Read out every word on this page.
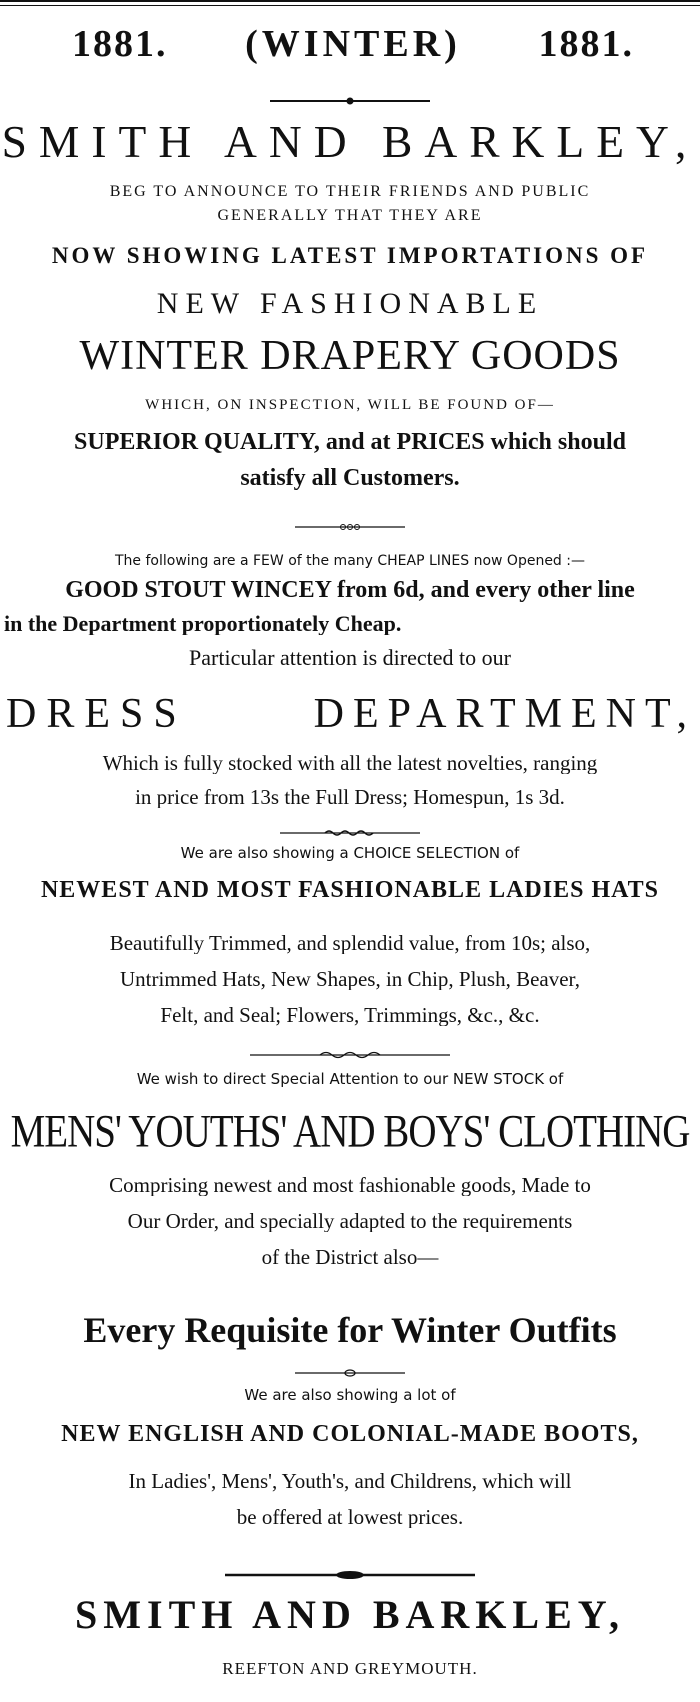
1881. (WINTER) 1881.
SMITH AND BARKLEY,
BEG TO ANNOUNCE TO THEIR FRIENDS AND PUBLIC
GENERALLY THAT THEY ARE
NOW SHOWING LATEST IMPORTATIONS OF
NEW FASHIONABLE
WINTER DRAPERY GOODS
WHICH, ON INSPECTION, WILL BE FOUND OF—
SUPERIOR QUALITY, and at PRICES which should
satisfy all Customers.
The following are a FEW of the many CHEAP LINES now Opened :—
GOOD STOUT WINCEY from 6d, and every other line
in the Department proportionately Cheap.
Particular attention is directed to our
DRESS	DEPARTMENT,
Which is fully stocked with all the latest novelties, ranging
in price from 13s the Full Dress; Homespun, 1s 3d.
We are also showing a CHOICE SELECTION of
NEWEST AND MOST FASHIONABLE LADIES HATS
Beautifully Trimmed, and splendid value, from 10s; also,
Untrimmed Hats, New Shapes, in Chip, Plush, Beaver,
Felt, and Seal; Flowers, Trimmings, &c., &c.
We wish to direct Special Attention to our NEW STOCK of
MENS' YOUTHS' AND BOYS' CLOTHING
Comprising newest and most fashionable goods, Made to
Our Order, and specially adapted to the requirements
of the District also—
Every Requisite for Winter Outfits
We are also showing a lot of
NEW ENGLISH AND COLONIAL-MADE BOOTS,
In Ladies', Mens', Youth's, and Childrens, which will
be offered at lowest prices.
SMITH AND BARKLEY,
REEFTON AND GREYMOUTH.
